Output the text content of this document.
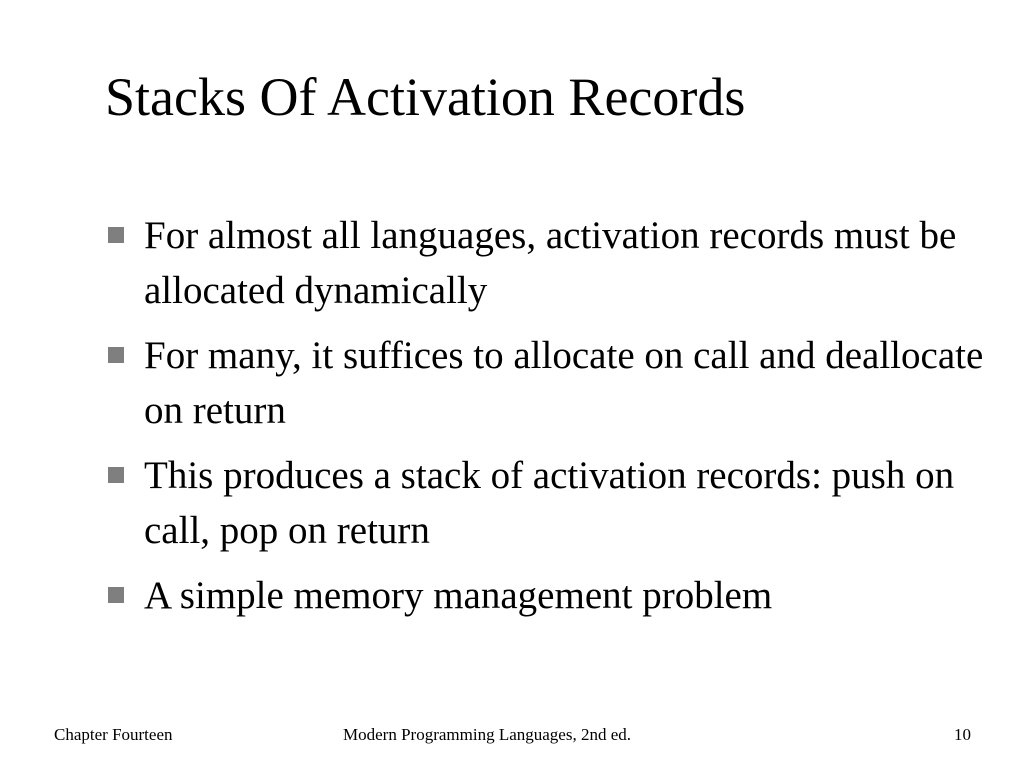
Stacks Of Activation Records
For almost all languages, activation records must be allocated dynamically
For many, it suffices to allocate on call and deallocate on return
This produces a stack of activation records: push on call, pop on return
A simple memory management problem
Chapter Fourteen	Modern Programming Languages, 2nd ed.	10
